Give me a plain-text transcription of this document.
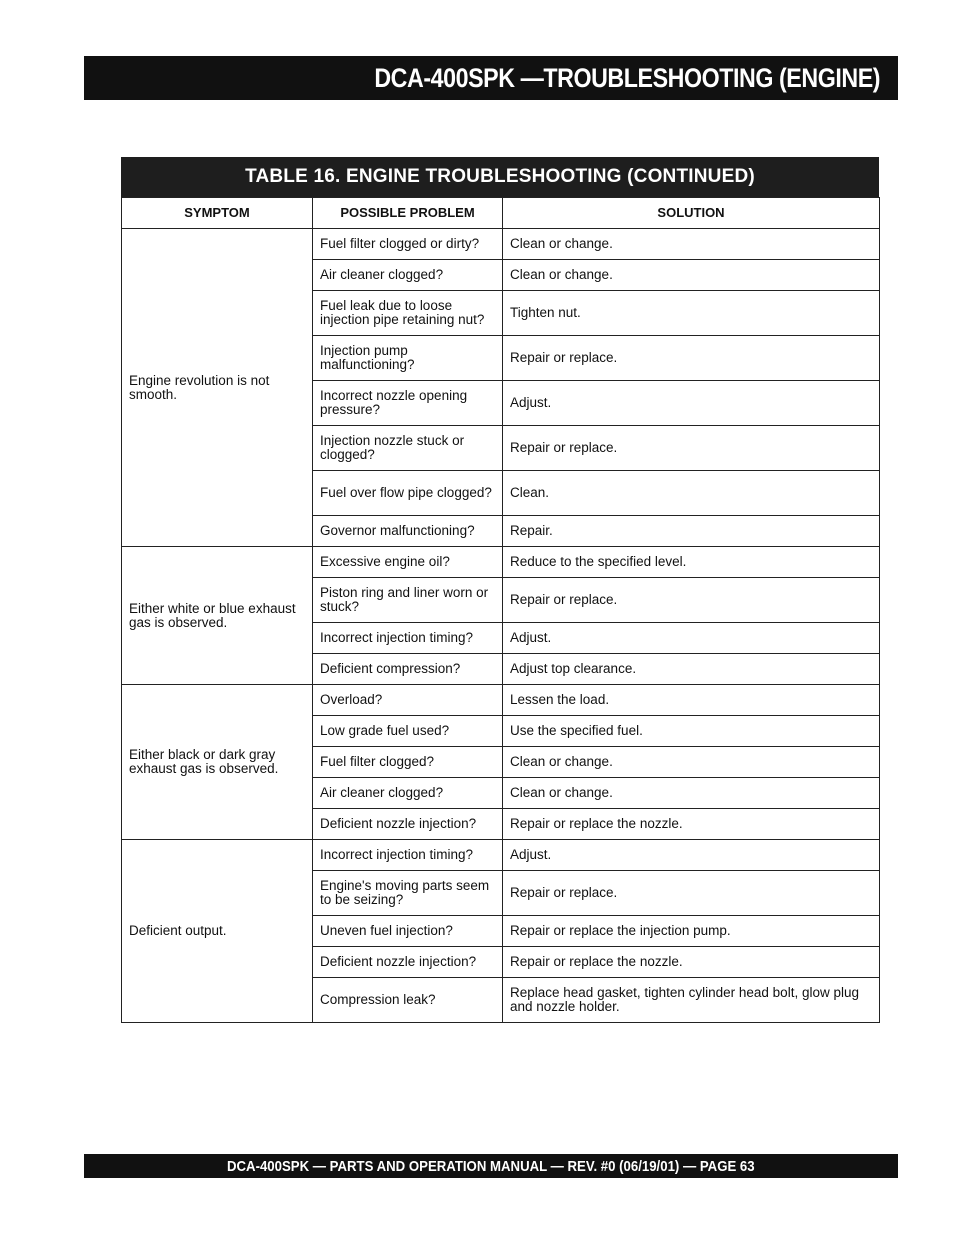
DCA-400SPK —TROUBLESHOOTING (ENGINE)
TABLE 16. ENGINE TROUBLESHOOTING (CONTINUED)
SYMPTOM	POSSIBLE PROBLEM	SOLUTION
Engine revolution is not smooth.	Fuel filter clogged or dirty?	Clean or change.
	Air cleaner clogged?	Clean or change.
	Fuel leak due to loose injection pipe retaining nut?	Tighten nut.
	Injection pump malfunctioning?	Repair or replace.
	Incorrect nozzle opening pressure?	Adjust.
	Injection nozzle stuck or clogged?	Repair or replace.
	Fuel over flow pipe clogged?	Clean.
	Governor malfunctioning?	Repair.
Either white or blue exhaust gas is observed.	Excessive engine oil?	Reduce to the specified level.
	Piston ring and liner worn or stuck?	Repair or replace.
	Incorrect injection timing?	Adjust.
	Deficient compression?	Adjust top clearance.
Either black or dark gray exhaust gas is observed.	Overload?	Lessen the load.
	Low grade fuel used?	Use the specified fuel.
	Fuel filter clogged?	Clean or change.
	Air cleaner clogged?	Clean or change.
	Deficient nozzle injection?	Repair or replace the nozzle.
Deficient output.	Incorrect injection timing?	Adjust.
	Engine's moving parts seem to be seizing?	Repair or replace.
	Uneven fuel injection?	Repair or replace the injection pump.
	Deficient nozzle injection?	Repair or replace the nozzle.
	Compression leak?	Replace head gasket, tighten cylinder head bolt, glow plug and nozzle holder.
DCA-400SPK — PARTS AND OPERATION MANUAL — REV. #0 (06/19/01) — PAGE 63
